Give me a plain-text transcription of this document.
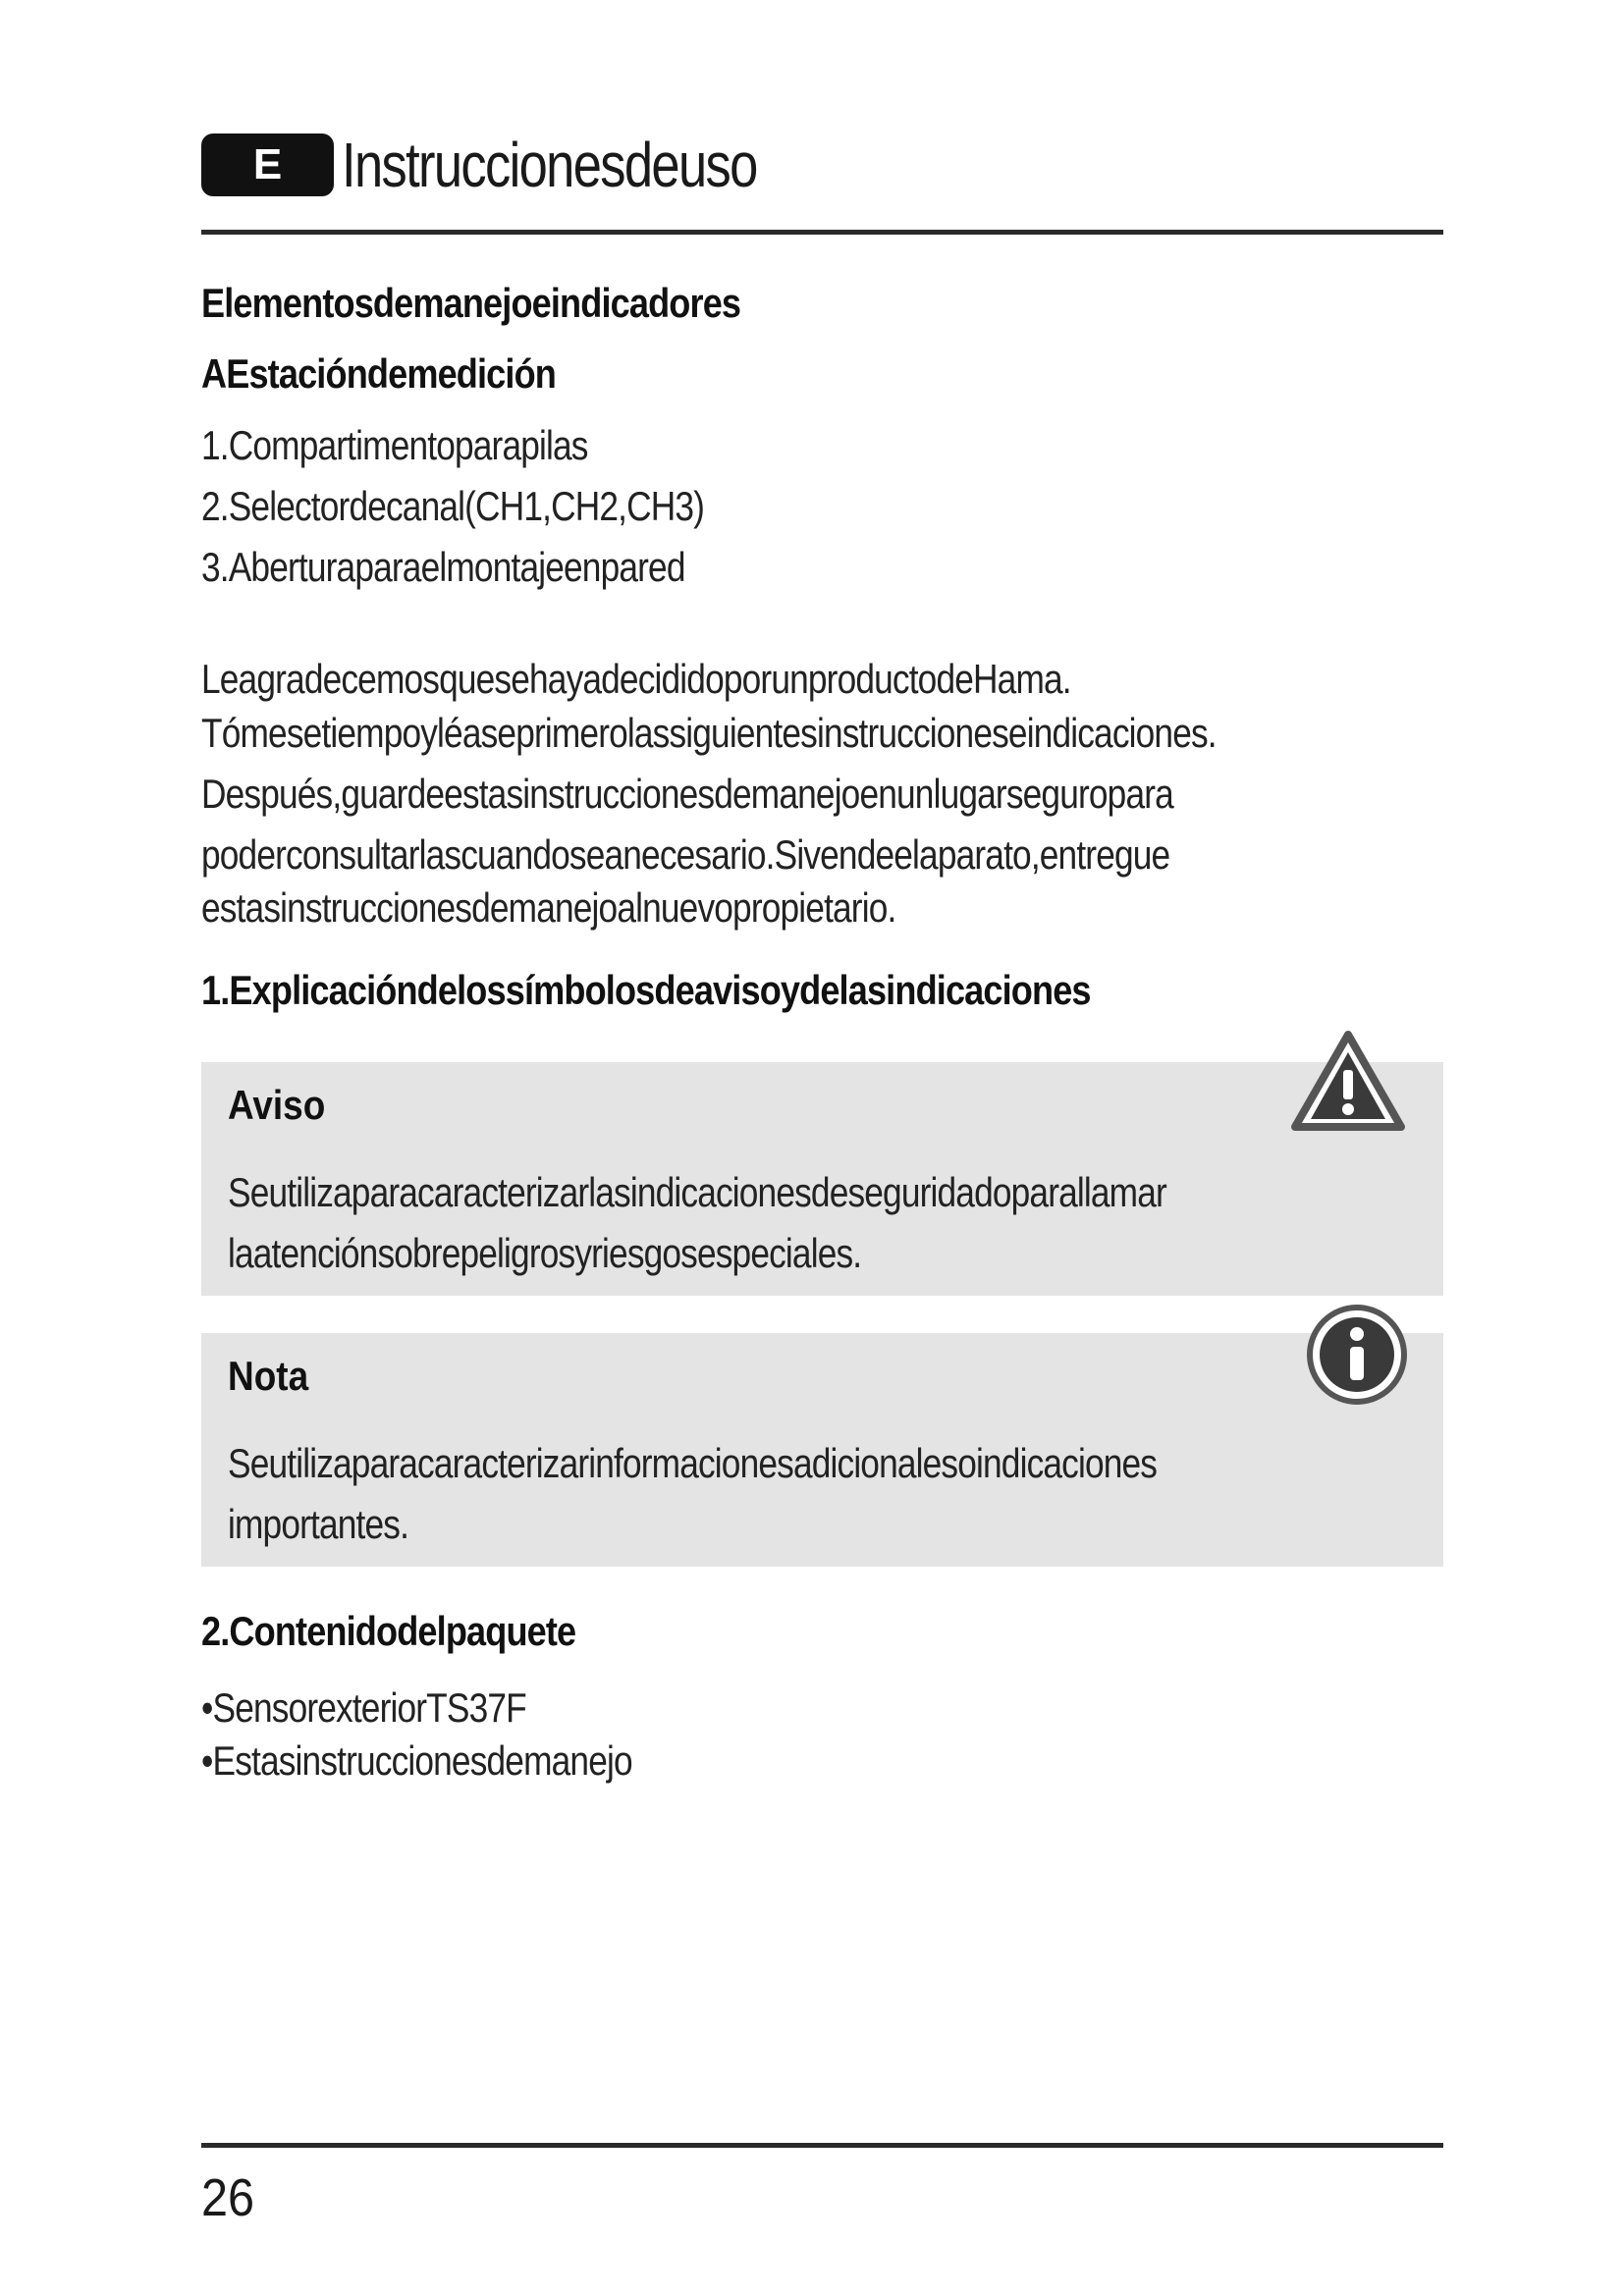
E Instruccionesdeuso
Elementosdemanejoeindicadores
AEstacióndemedición
1.Compartimentoparapilas
2.Selectordecanal(CH1,CH2,CH3)
3.Aberturaparaelmontajeenpared
LeagradecemosquesehayadecididoporunproductodeHama.
Tómesetiempoyléaseprimerolassiguientesinstruccioneseindicaciones.
Después,guardeestasinstruccionesdemanejoenunlugarseguropara
poderconsultarlascuandoseanecesario.Sivendeelaparato,entregue
estasinstruccionesdemanejoalnuevopropietario.
1.Explicacióndelossímbolosdeavisoydelasindicaciones
Aviso
Seutilizaparacaracterizarlasindicacionesdeseguridadoparallamar
laatenciónsobrepeligrosyriesgosespeciales.
Nota
Seutilizaparacaracterizarinformacionesadicionalesoindicaciones
importantes.
2.Contenidodelpaquete
•SensorexteriorTS37F
•Estasinstruccionesdemanejo
26
